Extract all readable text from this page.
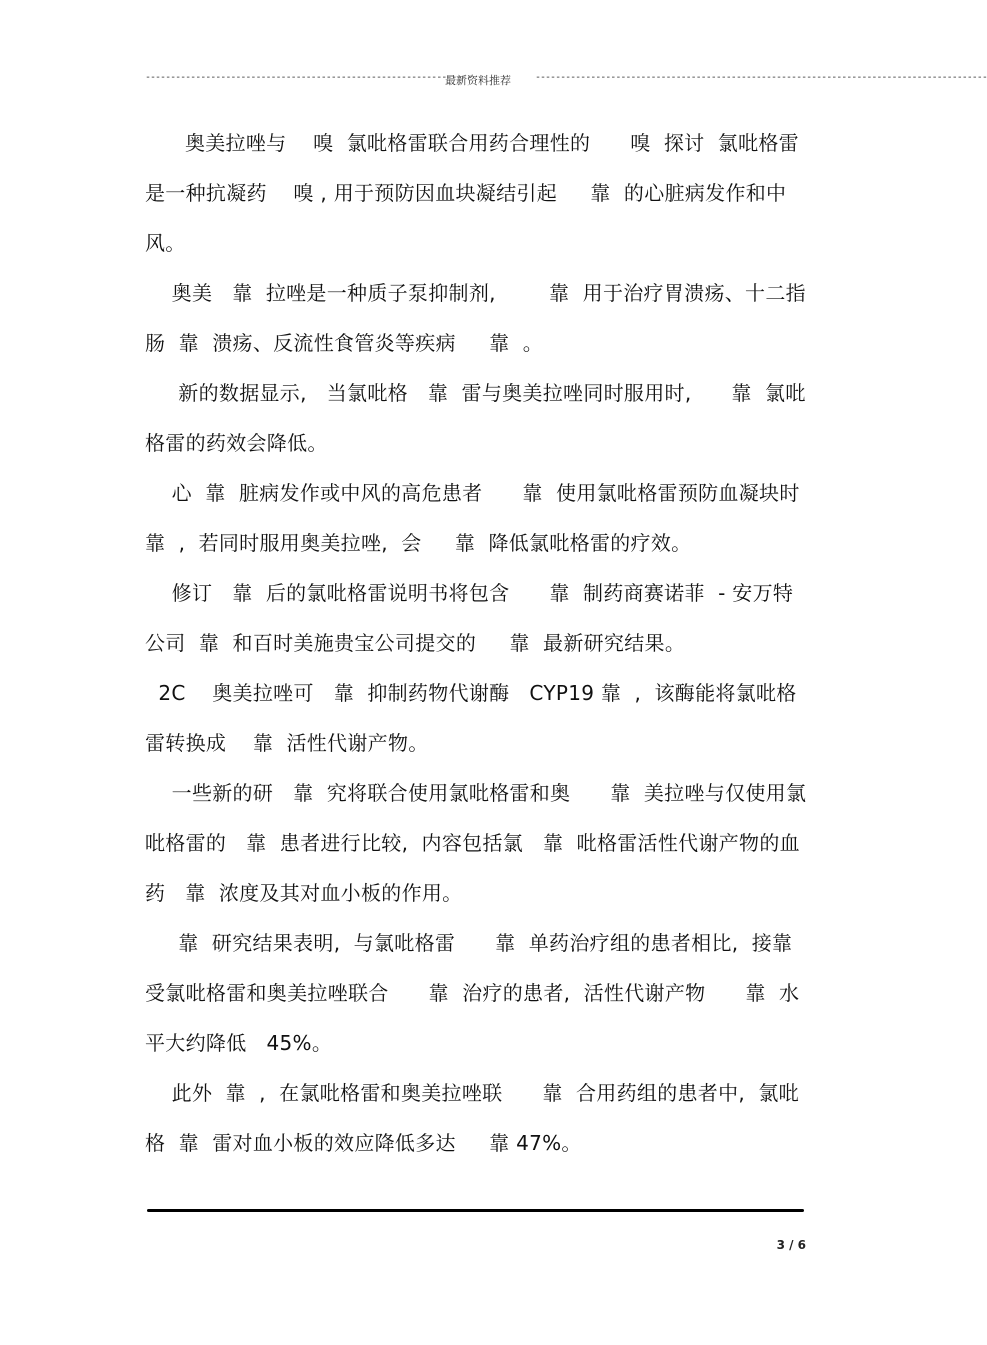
-----------------------------------------------------------------
最新资料推荐 ------------------------------------------------------------------------------------------

奥美拉唑与    嗅  氯吡格雷联合用药合理性的      嗅  探讨  氯吡格雷是一种抗凝药    嗅 , 用于预防因血块凝结引起     靠  的心脏病发作和中风。

奥美   靠  拉唑是一种质子泵抑制剂,        靠  用于治疗胃溃疡、十二指肠  靠  溃疡、反流性食管炎等疾病     靠  。

新的数据显示,   当氯吡格   靠  雷与奥美拉唑同时服用时,      靠  氯吡格雷的药效会降低。

心  靠  脏病发作或中风的高危患者      靠  使用氯吡格雷预防血凝块时  靠  ,  若同时服用奥美拉唑,  会     靠  降低氯吡格雷的疗效。

修订   靠  后的氯吡格雷说明书将包含      靠  制药商赛诺菲  - 安万特公司  靠  和百时美施贵宝公司提交的     靠  最新研究结果。

2C    奥美拉唑可   靠  抑制药物代谢酶   CYP19 靠  ,  该酶能将氯吡格雷转换成    靠  活性代谢产物。

一些新的研   靠  究将联合使用氯吡格雷和奥      靠  美拉唑与仅使用氯吡格雷的   靠  患者进行比较,  内容包括氯   靠  吡格雷活性代谢产物的血药   靠  浓度及其对血小板的作用。

靠  研究结果表明,  与氯吡格雷      靠  单药治疗组的患者相比,  接靠  受氯吡格雷和奥美拉唑联合      靠  治疗的患者,  活性代谢产物      靠  水平大约降低   45%。

此外  靠  ,  在氯吡格雷和奥美拉唑联      靠  合用药组的患者中,  氯吡格  靠  雷对血小板的效应降低多达     靠 47%。

3 / 6
